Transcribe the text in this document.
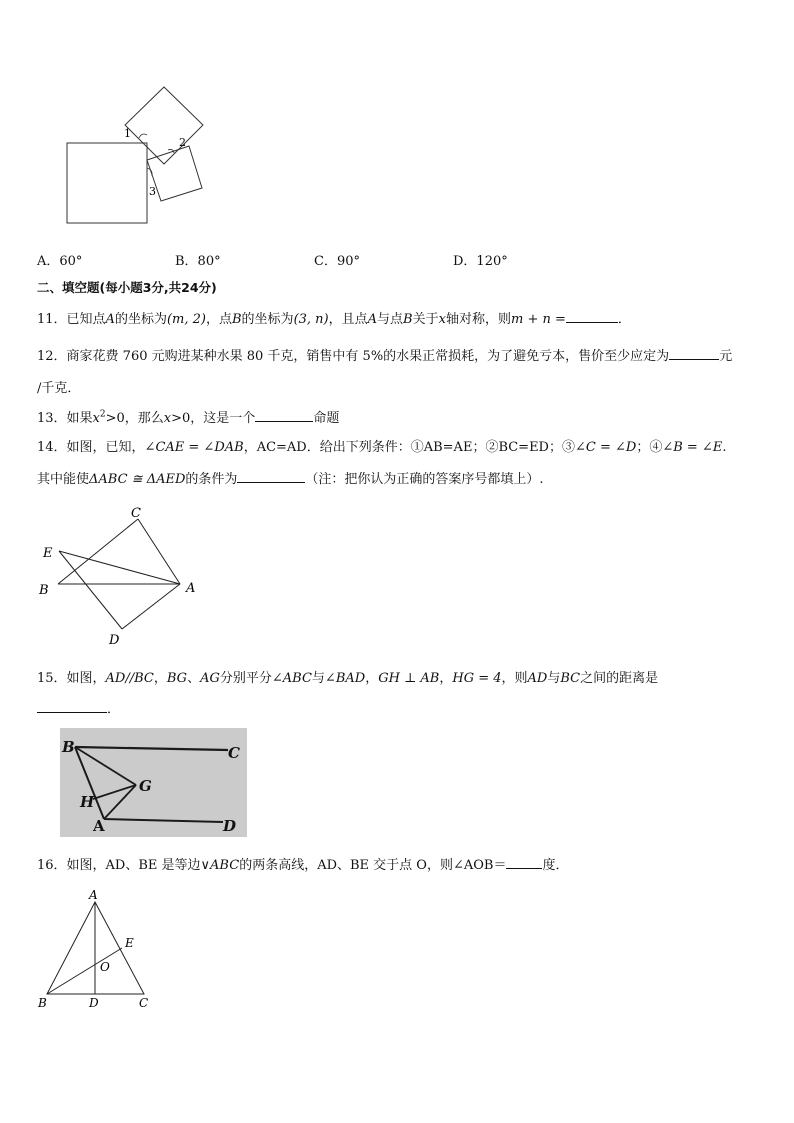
1
2
3
A．60°	B．80°	C．90°	D．120°
二、填空题(每小题3分,共24分)
11．已知点A的坐标为(m, 2)，点B的坐标为(3, n)，且点A与点B关于x轴对称，则m + n =	．
12．商家花费 760 元购进某种水果 80 千克，销售中有 5%的水果正常损耗，为了避免亏本，售价至少应定为	元
/千克．
13．如果$x^2>0$，那么x>0，这是一个	命题
14．如图，已知，∠CAE = ∠DAB，AC=AD．给出下列条件：①AB=AE；②BC=ED；③∠C = ∠D；④∠B = ∠E.
其中能使ΔABC ≅ ΔAED的条件为	（注：把你认为正确的答案序号都填上）.
C
E
B	A
D
15．如图，AD//BC，BG、AG分别平分∠ABC与∠BAD，GH ⊥ AB，HG = 4，则AD与BC之间的距离是
．
B	C
G
H
A	D
16．如图，AD、BE 是等边∨ABC的两条高线，AD、BE 交于点 O，则∠AOB＝	度．
A
E
O
B	D	C
